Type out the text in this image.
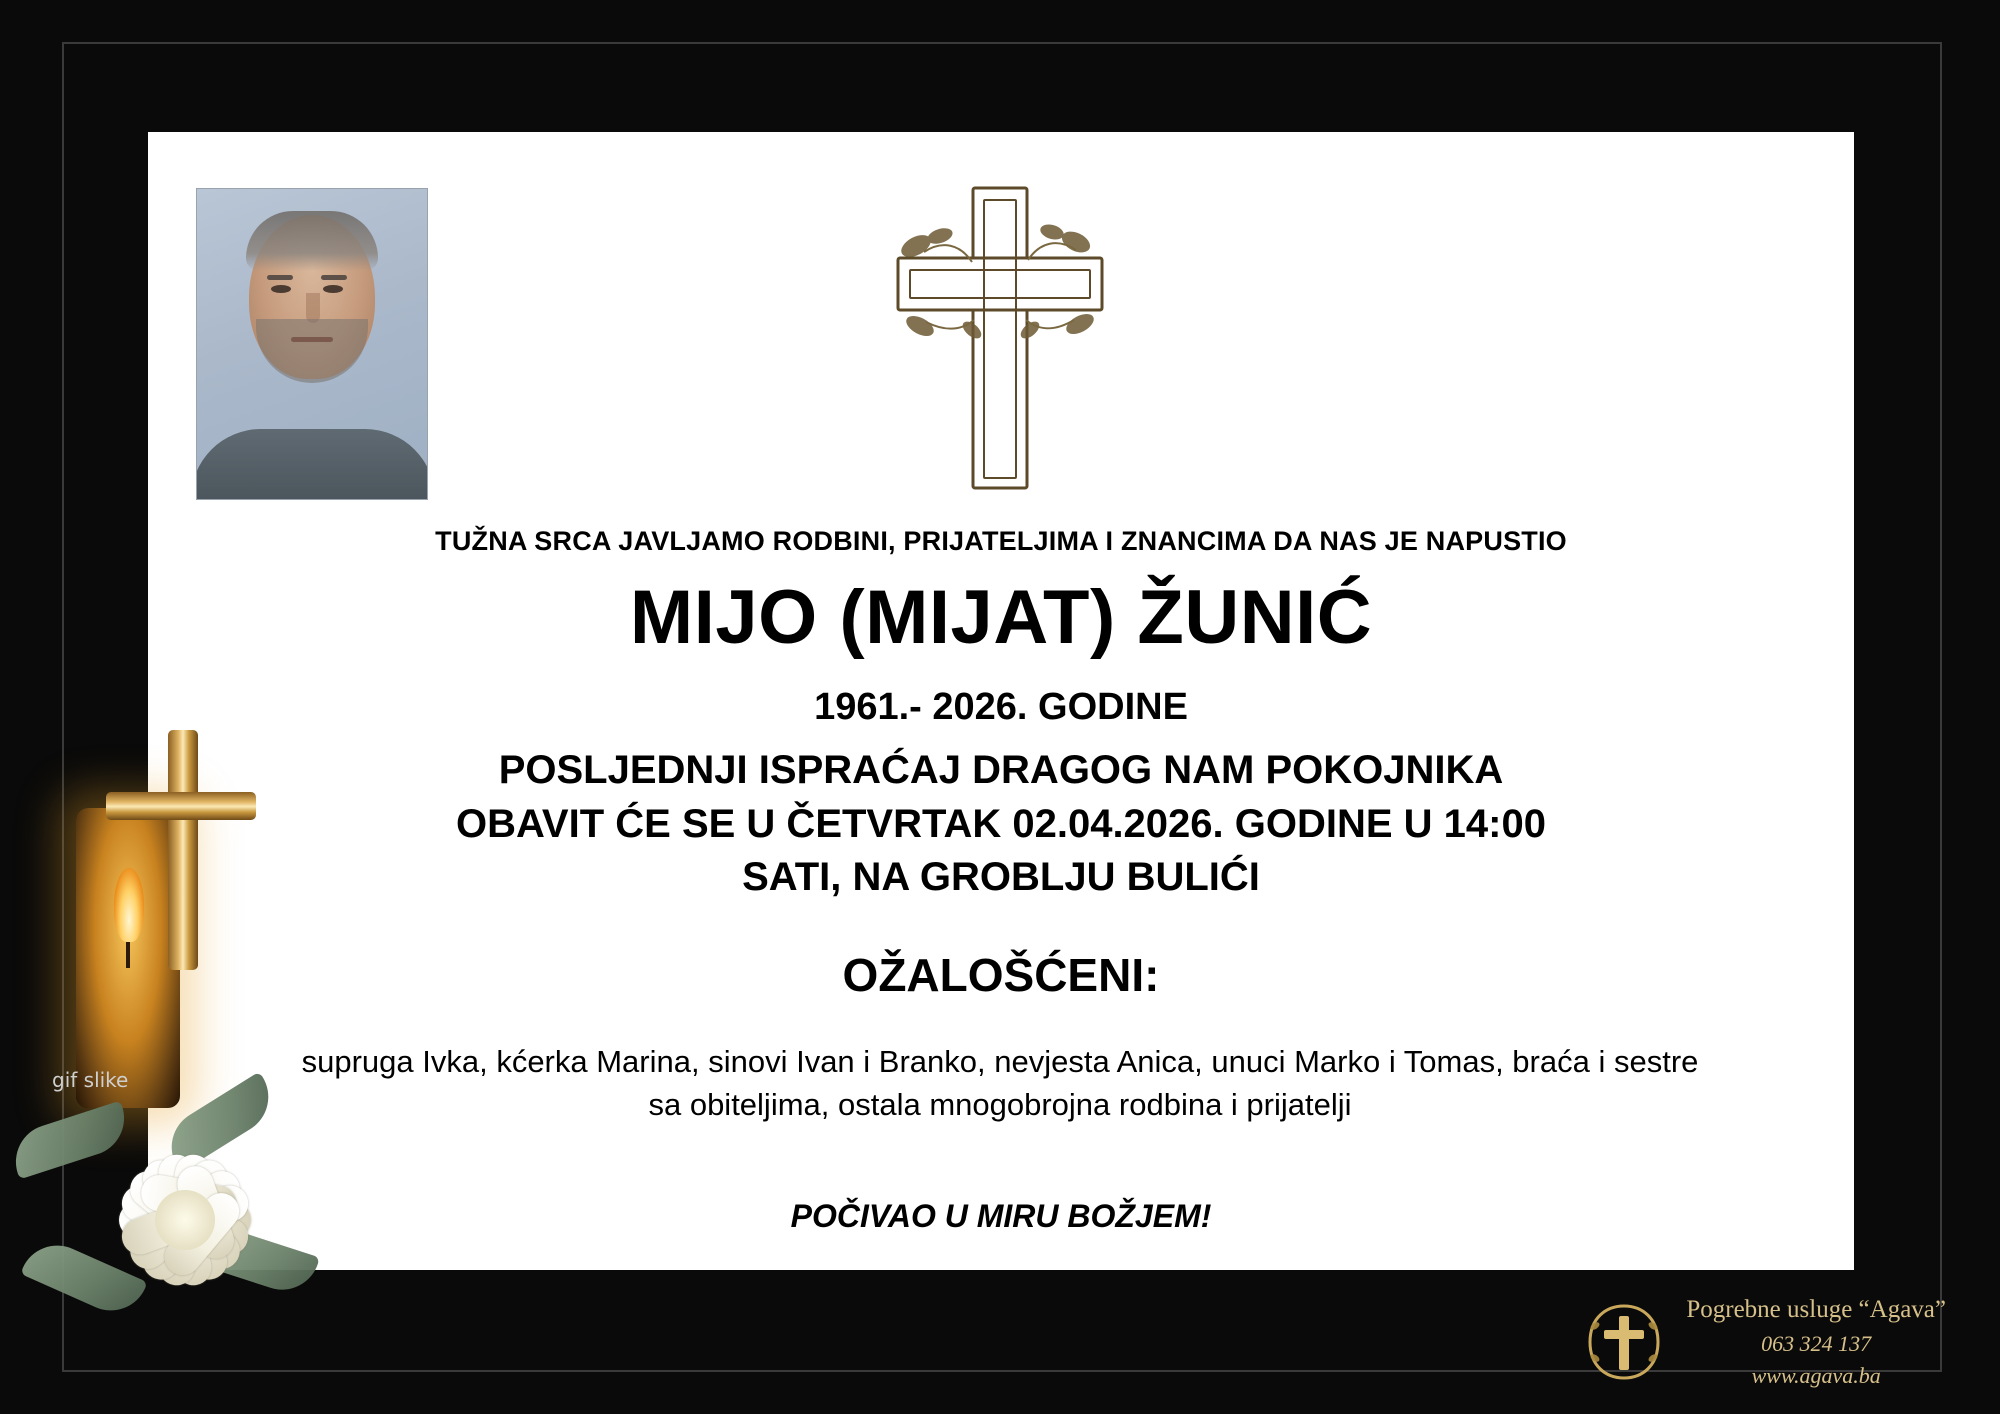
TUŽNA SRCA JAVLJAMO RODBINI, PRIJATELJIMA I ZNANCIMA DA NAS JE NAPUSTIO
MIJO (MIJAT) ŽUNIĆ
1961.- 2026. GODINE
POSLJEDNJI ISPRAĆAJ DRAGOG NAM POKOJNIKA
OBAVIT ĆE SE U ČETVRTAK 02.04.2026. GODINE U 14:00
SATI, NA GROBLJU BULIĆI
OŽALOŠĆENI:
supruga Ivka, kćerka Marina, sinovi Ivan i Branko, nevjesta Anica, unuci Marko i Tomas, braća i sestre sa obiteljima, ostala mnogobrojna rodbina i prijatelji
POČIVAO U MIRU BOŽJEM!
gif slike
Pogrebne usluge “Agava”
063 324 137
www.agava.ba
